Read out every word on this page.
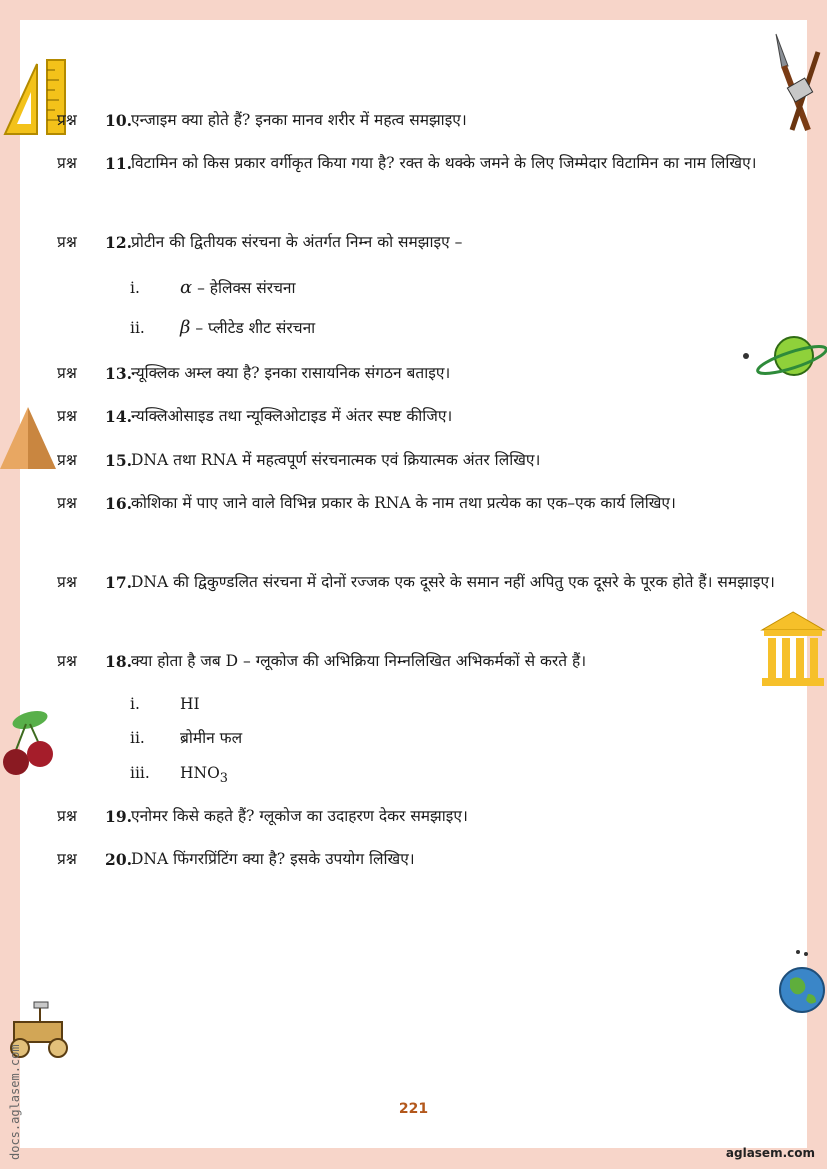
प्रश्न	10. एन्जाइम क्या होते हैं? इनका मानव शरीर में महत्व समझाइए।
प्रश्न	11. विटामिन को किस प्रकार वर्गीकृत किया गया है? रक्त के थक्के जमने के लिए जिम्मेदार विटामिन का नाम लिखिए।
प्रश्न	12. प्रोटीन की द्वितीयक संरचना के अंतर्गत निम्न को समझाइए –
i. α – हेलिक्स संरचना
ii. β – प्लीटेड शीट संरचना
प्रश्न	13. न्यूक्लिक अम्ल क्या है? इनका रासायनिक संगठन बताइए।
प्रश्न	14. न्यक्लिओसाइड तथा न्यूक्लिओटाइड में अंतर स्पष्ट कीजिए।
प्रश्न	15. DNA तथा RNA में महत्वपूर्ण संरचनात्मक एवं क्रियात्मक अंतर लिखिए।
प्रश्न	16. कोशिका में पाए जाने वाले विभिन्न प्रकार के RNA के नाम तथा प्रत्येक का एक–एक कार्य लिखिए।
प्रश्न	17. DNA की द्विकुण्डलित संरचना में दोनों रज्जक एक दूसरे के समान नहीं अपितु एक दूसरे के पूरक होते हैं। समझाइए।
प्रश्न	18. क्या होता है जब D – ग्लूकोज की अभिक्रिया निम्नलिखित अभिकर्मकों से करते हैं।
i.	HI
ii. ब्रोमीन फल
iii. $HNO_3$
प्रश्न	19. एनोमर किसे कहते हैं? ग्लूकोज का उदाहरण देकर समझाइए।
प्रश्न	20. DNA फिंगरप्रिंटिंग क्या है? इसके उपयोग लिखिए।
221
aglasem.com
docs.aglasem.com
